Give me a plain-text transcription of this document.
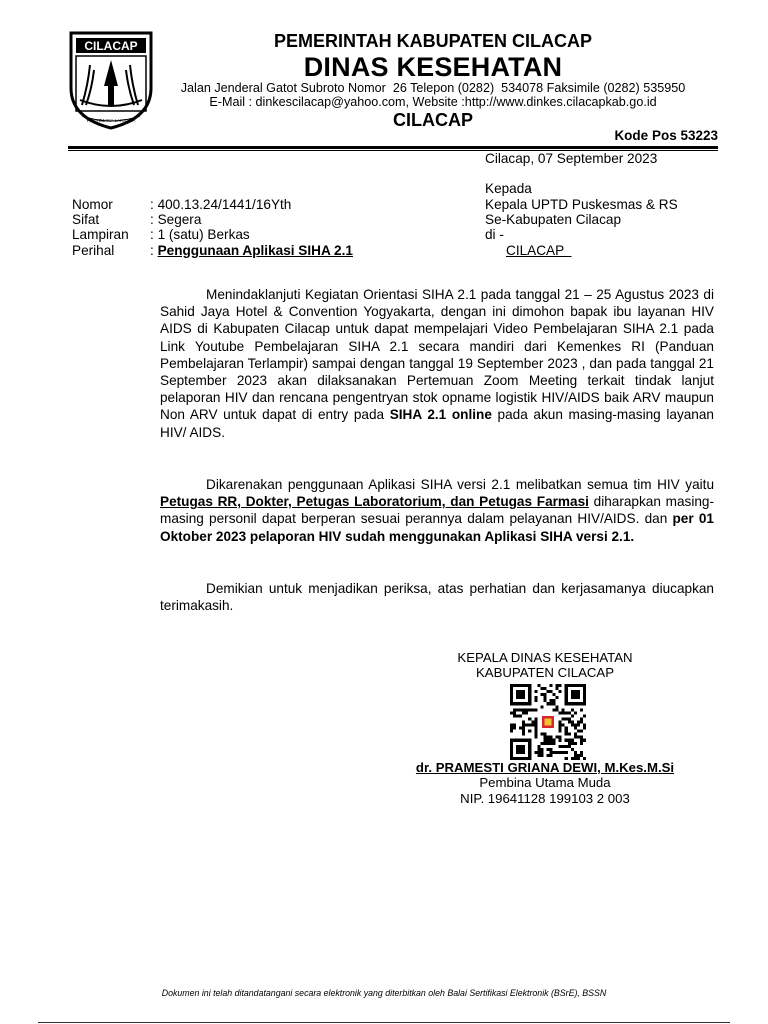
CILACAP
PRAYOJANA LAKSANA
PEMERINTAH KABUPATEN CILACAP
DINAS KESEHATAN
Jalan Jenderal Gatot Subroto Nomor  26 Telepon (0282)  534078 Faksimile (0282) 535950
E-Mail : dinkescilacap@yahoo.com, Website :http://www.dinkes.cilacapkab.go.id
CILACAP
Kode Pos 53223
Cilacap, 07 September 2023
Kepada
Kepala UPTD Puskesmas & RS
Se-Kabupaten Cilacap
di -
CILACAP
Nomor	: 400.13.24/1441/16Yth
Sifat	: Segera
Lampiran : 1 (satu) Berkas
Perihal	: Penggunaan Aplikasi SIHA 2.1

Menindaklanjuti Kegiatan Orientasi SIHA 2.1 pada tanggal 21 – 25 Agustus 2023 di Sahid Jaya Hotel & Convention Yogyakarta, dengan ini dimohon bapak ibu layanan HIV AIDS di Kabupaten Cilacap untuk dapat mempelajari Video Pembelajaran SIHA 2.1 pada Link Youtube Pembelajaran SIHA 2.1 secara mandiri dari Kemenkes RI (Panduan Pembelajaran Terlampir) sampai dengan tanggal 19 September 2023 , dan pada tanggal 21 September 2023 akan dilaksanakan Pertemuan Zoom Meeting terkait tindak lanjut pelaporan HIV dan rencana pengentryan stok opname logistik HIV/AIDS baik ARV maupun Non ARV untuk dapat di entry pada SIHA 2.1 online pada akun masing-masing layanan HIV/ AIDS.

Dikarenakan penggunaan Aplikasi SIHA versi 2.1 melibatkan semua tim HIV yaitu Petugas RR, Dokter, Petugas Laboratorium, dan Petugas Farmasi diharapkan masing-masing personil dapat berperan sesuai perannya dalam pelayanan HIV/AIDS. dan per 01 Oktober 2023 pelaporan HIV sudah menggunakan Aplikasi SIHA versi 2.1.

Demikian untuk menjadikan periksa, atas perhatian dan kerjasamanya diucapkan terimakasih.

KEPALA DINAS KESEHATAN
KABUPATEN CILACAP
dr. PRAMESTI GRIANA DEWI, M.Kes.M.Si
Pembina Utama Muda
NIP. 19641128 199103 2 003
Dokumen ini telah ditandatangani secara elektronik yang diterbitkan oleh Balai Sertifikasi Elektronik (BSrE), BSSN
